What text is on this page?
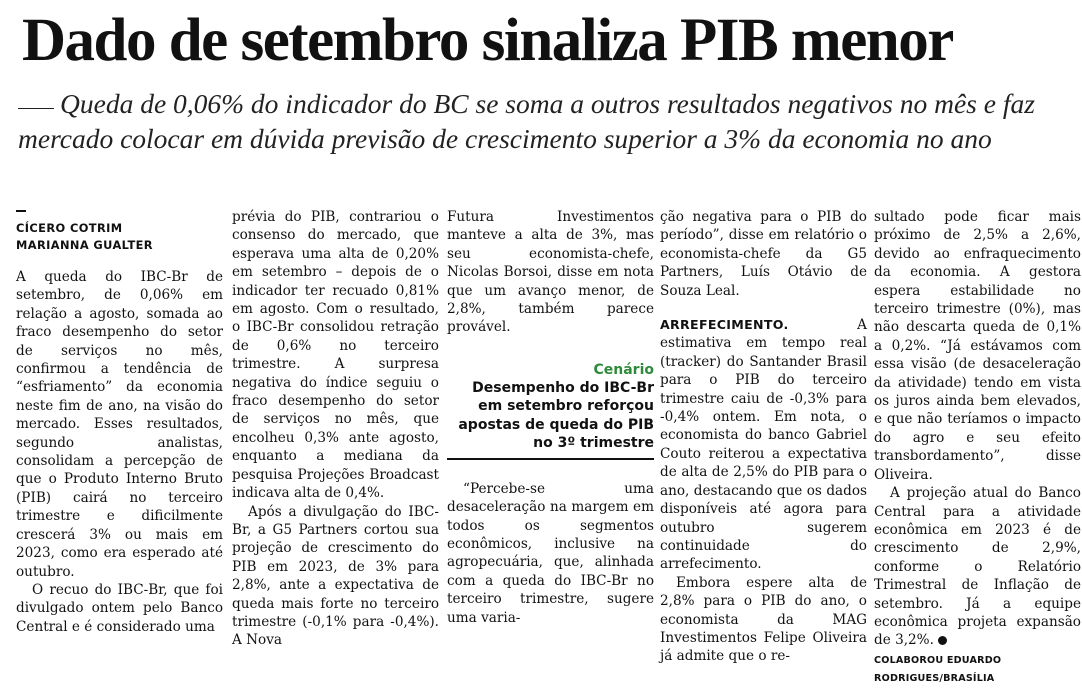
Dado de setembro sinaliza PIB menor

Queda de 0,06% do indicador do BC se soma a outros resultados negativos no mês e faz mercado colocar em dúvida previsão de crescimento superior a 3% da economia no ano

CÍCERO COTRIM
MARIANNA GUALTER

A queda do IBC-Br de setembro, de 0,06% em relação a agosto, somada ao fraco desempenho do setor de serviços no mês, confirmou a tendência de “esfriamento” da economia neste fim de ano, na visão do mercado. Esses resultados, segundo analistas, consolidam a percepção de que o Produto Interno Bruto (PIB) cairá no terceiro trimestre e dificilmente crescerá 3% ou mais em 2023, como era esperado até outubro.

O recuo do IBC-Br, que foi divulgado ontem pelo Banco Central e é considerado uma

prévia do PIB, contrariou o consenso do mercado, que esperava uma alta de 0,20% em setembro – depois de o indicador ter recuado 0,81% em agosto. Com o resultado, o IBC-Br consolidou retração de 0,6% no terceiro trimestre. A surpresa negativa do índice seguiu o fraco desempenho do setor de serviços no mês, que encolheu 0,3% ante agosto, enquanto a mediana da pesquisa Projeções Broadcast indicava alta de 0,4%.

Após a divulgação do IBC-Br, a G5 Partners cortou sua projeção de crescimento do PIB em 2023, de 3% para 2,8%, ante a expectativa de queda mais forte no terceiro trimestre (-0,1% para -0,4%). A Nova

Futura Investimentos manteve a alta de 3%, mas seu economista-chefe, Nicolas Borsoi, disse em nota que um avanço menor, de 2,8%, também parece provável.

Cenário
Desempenho do IBC-Br em setembro reforçou apostas de queda do PIB no 3º trimestre

“Percebe-se uma desaceleração na margem em todos os segmentos econômicos, inclusive na agropecuária, que, alinhada com a queda do IBC-Br no terceiro trimestre, sugere uma varia-

ção negativa para o PIB do período”, disse em relatório o economista-chefe da G5 Partners, Luís Otávio de Souza Leal.

ARREFECIMENTO.	A estimativa em tempo real (tracker) do Santander Brasil para o PIB do terceiro trimestre caiu de -0,3% para -0,4% ontem. Em nota, o economista do banco Gabriel Couto reiterou a expectativa de alta de 2,5% do PIB para o ano, destacando que os dados disponíveis até agora para outubro sugerem continuidade do arrefecimento.

Embora espere alta de 2,8% para o PIB do ano, o economista da MAG Investimentos Felipe Oliveira já admite que o re-

sultado pode ficar mais próximo de 2,5% a 2,6%, devido ao enfraquecimento da economia. A gestora espera estabilidade no terceiro trimestre (0%), mas não descarta queda de 0,1% a 0,2%. “Já estávamos com essa visão (de desaceleração da atividade) tendo em vista os juros ainda bem elevados, e que não teríamos o impacto do agro e seu efeito transbordamento”, disse Oliveira.

A projeção atual do Banco Central para a atividade econômica em 2023 é de crescimento de 2,9%, conforme o Relatório Trimestral de Inflação de setembro. Já a equipe econômica projeta expansão de 3,2%.

COLABOROU EDUARDO RODRIGUES/BRASÍLIA
